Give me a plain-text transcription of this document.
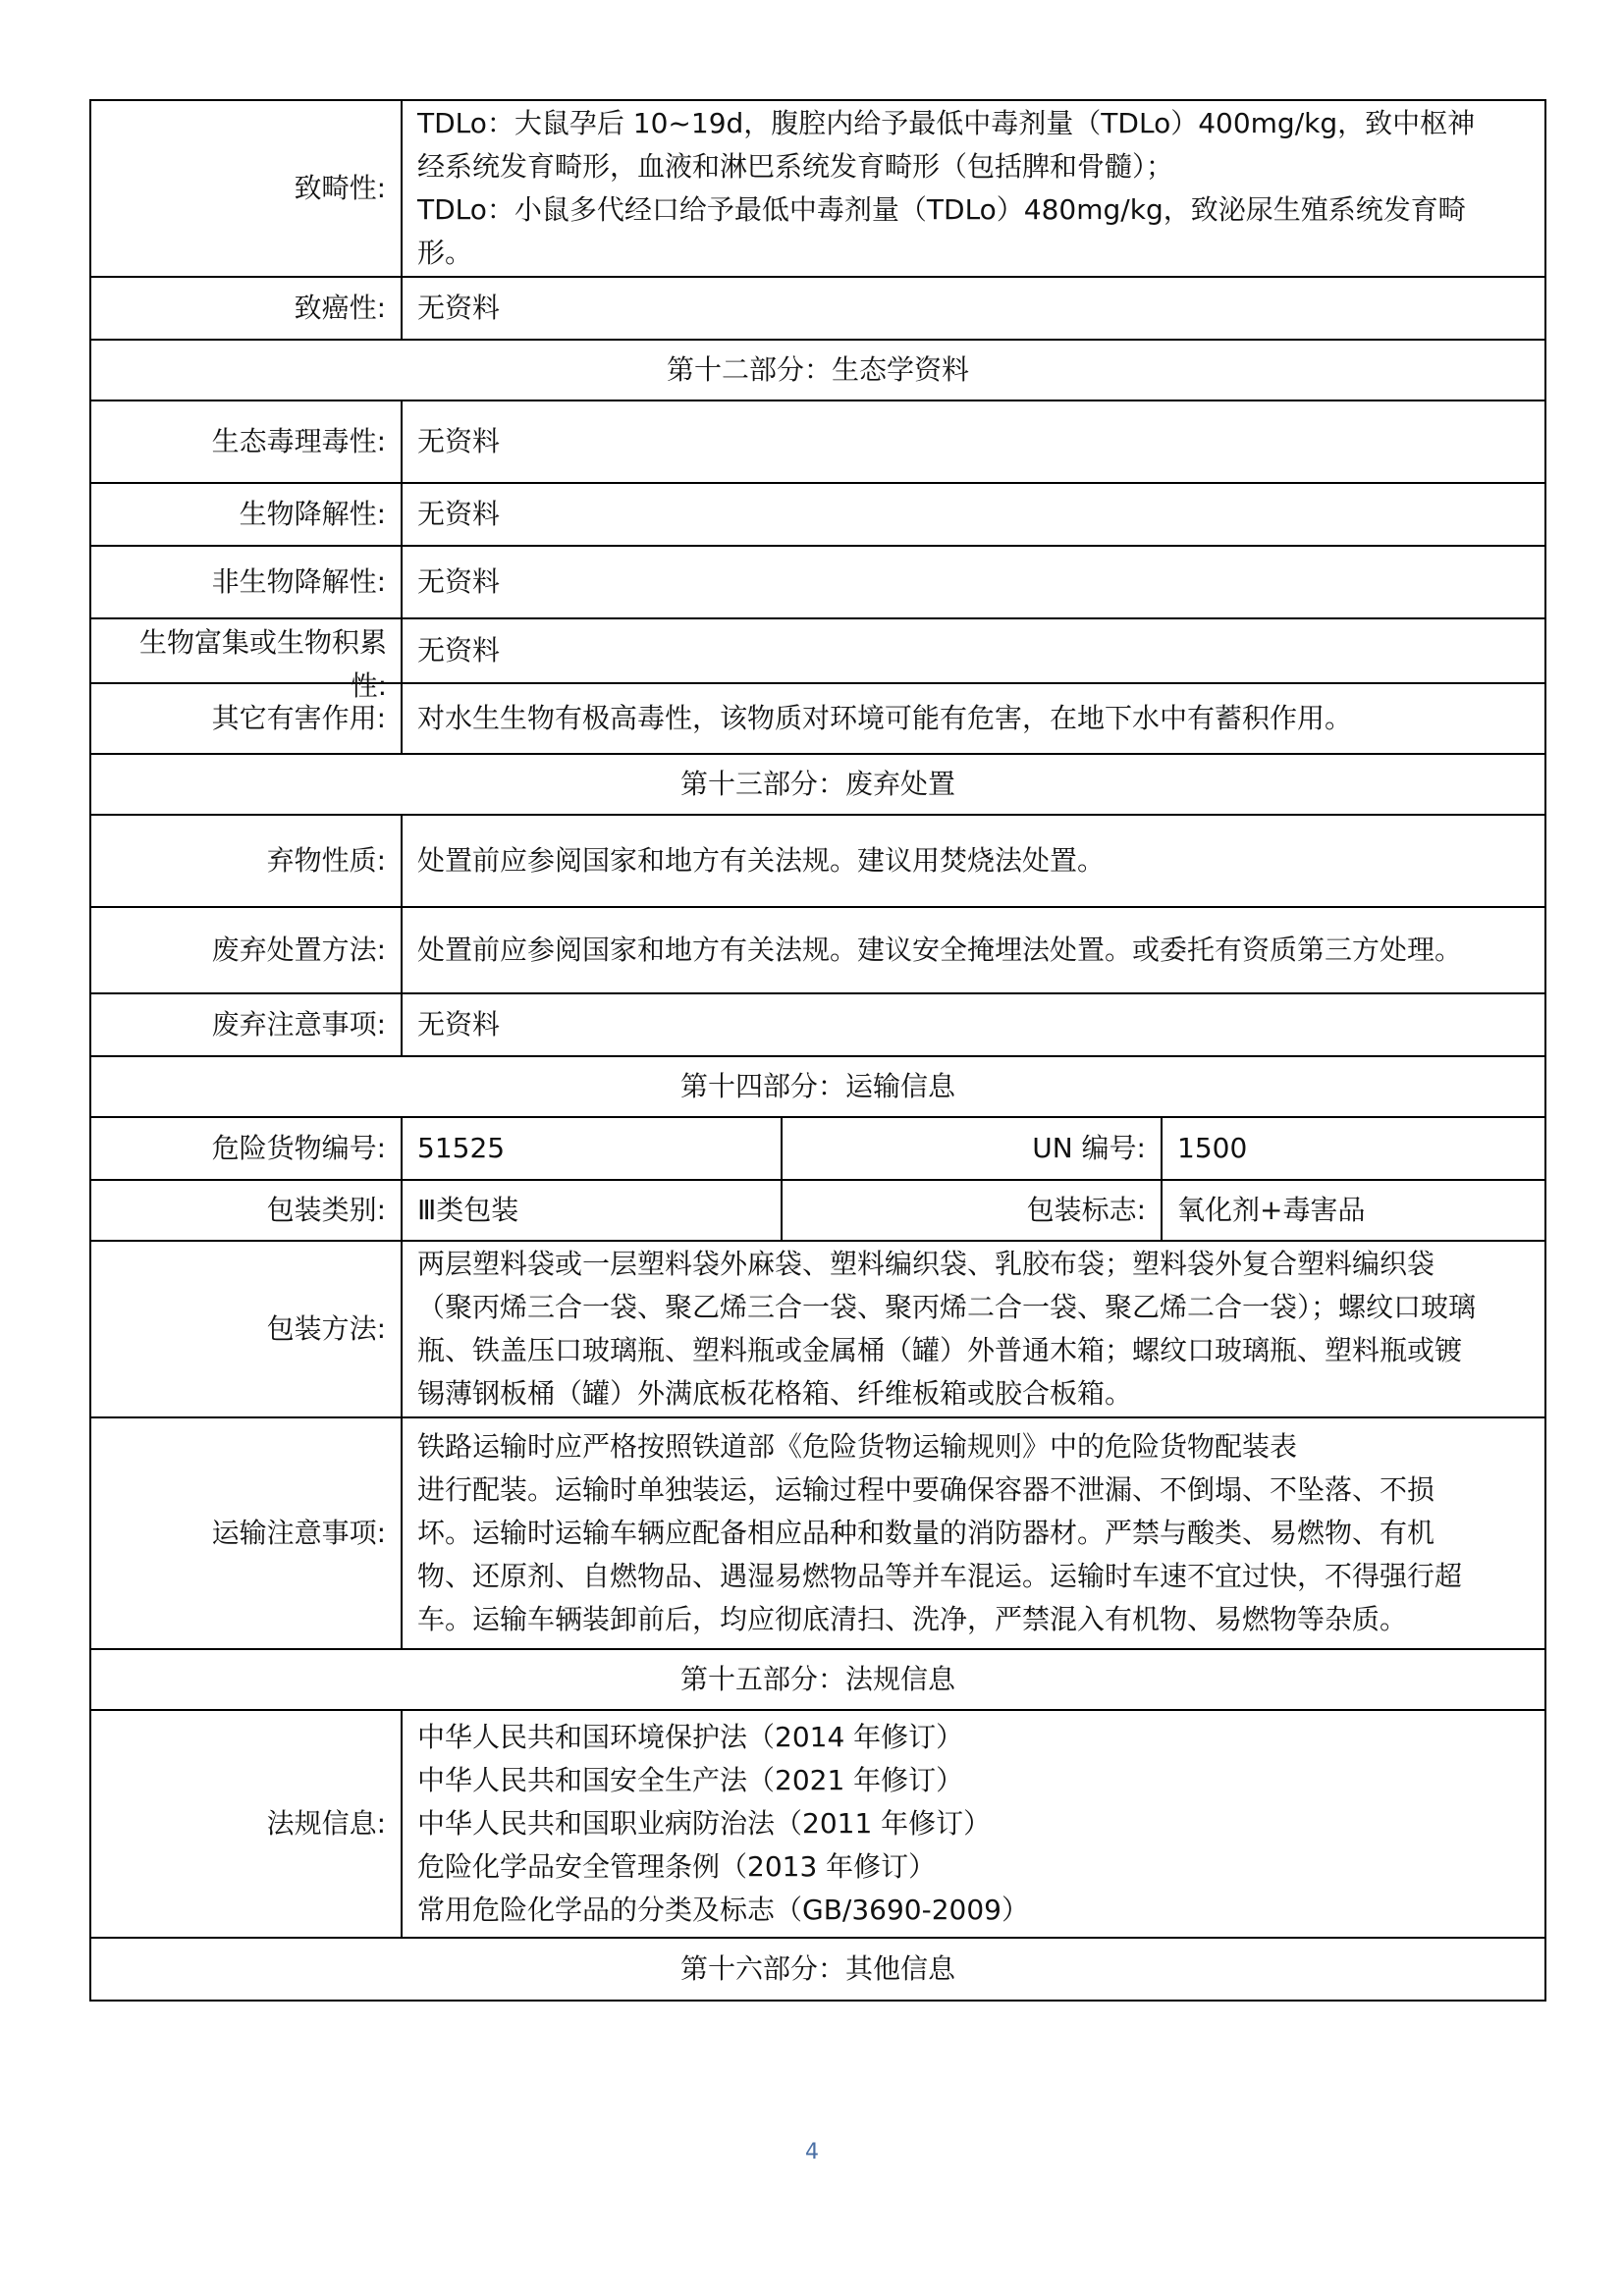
致畸性:	TDLo：大鼠孕后 10~19d，腹腔内给予最低中毒剂量（TDLo）400mg/kg，致中枢神
经系统发育畸形，血液和淋巴系统发育畸形（包括脾和骨髓）；
TDLo：小鼠多代经口给予最低中毒剂量（TDLo）480mg/kg，致泌尿生殖系统发育畸
形。		

致癌性:	无资料		
第十二部分：生态学资料			
生态毒理毒性:	无资料		
生物降解性:	无资料		
非生物降解性:	无资料		

生物富集或生物积累性:	无资料		
其它有害作用:	对水生生物有极高毒性，该物质对环境可能有危害，在地下水中有蓄积作用。		
第十三部分：废弃处置			
弃物性质:	处置前应参阅国家和地方有关法规。建议用焚烧法处置。		
废弃处置方法:	处置前应参阅国家和地方有关法规。建议安全掩埋法处置。或委托有资质第三方处理。		
废弃注意事项:	无资料		
第十四部分：运输信息			
危险货物编号:	51525	UN 编号:	1500
包装类别:	Ⅲ类包装	包装标志:	氧化剂+毒害品
包装方法:	两层塑料袋或一层塑料袋外麻袋、塑料编织袋、乳胶布袋；塑料袋外复合塑料编织袋
（聚丙烯三合一袋、聚乙烯三合一袋、聚丙烯二合一袋、聚乙烯二合一袋）；螺纹口玻璃
瓶、铁盖压口玻璃瓶、塑料瓶或金属桶（罐）外普通木箱；螺纹口玻璃瓶、塑料瓶或镀
锡薄钢板桶（罐）外满底板花格箱、纤维板箱或胶合板箱。		

运输注意事项:	铁路运输时应严格按照铁道部《危险货物运输规则》中的危险货物配装表
进行配装。运输时单独装运，运输过程中要确保容器不泄漏、不倒塌、不坠落、不损
坏。运输时运输车辆应配备相应品种和数量的消防器材。严禁与酸类、易燃物、有机
物、还原剂、自燃物品、遇湿易燃物品等并车混运。运输时车速不宜过快，不得强行超
车。运输车辆装卸前后，均应彻底清扫、洗净，严禁混入有机物、易燃物等杂质。		

第十五部分：法规信息			
法规信息:	中华人民共和国环境保护法（2014 年修订）
中华人民共和国安全生产法（2021 年修订）
中华人民共和国职业病防治法（2011 年修订）
危险化学品安全管理条例（2013 年修订）
常用危险化学品的分类及标志（GB/3690-2009）		

第十六部分：其他信息			
4
